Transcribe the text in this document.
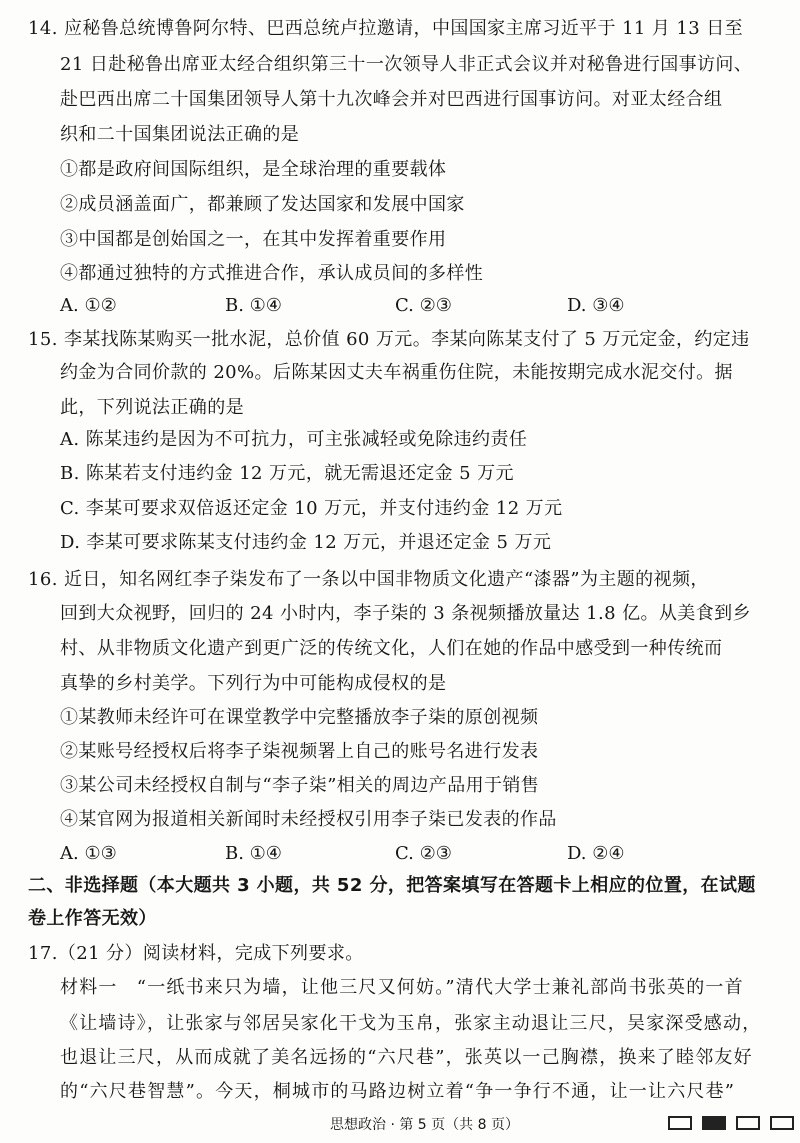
14. 应秘鲁总统博鲁阿尔特、巴西总统卢拉邀请，中国国家主席习近平于 11 月 13 日至
21 日赴秘鲁出席亚太经合组织第三十一次领导人非正式会议并对秘鲁进行国事访问、
赴巴西出席二十国集团领导人第十九次峰会并对巴西进行国事访问。对亚太经合组
织和二十国集团说法正确的是
①都是政府间国际组织，是全球治理的重要载体
②成员涵盖面广，都兼顾了发达国家和发展中国家
③中国都是创始国之一，在其中发挥着重要作用
④都通过独特的方式推进合作，承认成员间的多样性
A. ①②	B. ①④	C. ②③	D. ③④
15. 李某找陈某购买一批水泥，总价值 60 万元。李某向陈某支付了 5 万元定金，约定违
约金为合同价款的 20%。后陈某因丈夫车祸重伤住院，未能按期完成水泥交付。据
此，下列说法正确的是
A. 陈某违约是因为不可抗力，可主张减轻或免除违约责任
B. 陈某若支付违约金 12 万元，就无需退还定金 5 万元
C. 李某可要求双倍返还定金 10 万元，并支付违约金 12 万元
D. 李某可要求陈某支付违约金 12 万元，并退还定金 5 万元
16. 近日，知名网红李子柒发布了一条以中国非物质文化遗产“漆器”为主题的视频，
回到大众视野，回归的 24 小时内，李子柒的 3 条视频播放量达 1.8 亿。从美食到乡
村、从非物质文化遗产到更广泛的传统文化，人们在她的作品中感受到一种传统而
真挚的乡村美学。下列行为中可能构成侵权的是
①某教师未经许可在课堂教学中完整播放李子柒的原创视频
②某账号经授权后将李子柒视频署上自己的账号名进行发表
③某公司未经授权自制与“李子柒”相关的周边产品用于销售
④某官网为报道相关新闻时未经授权引用李子柒已发表的作品
A. ①③	B. ①④	C. ②③	D. ②④
二、非选择题（本大题共 3 小题，共 52 分，把答案填写在答题卡上相应的位置，在试题
卷上作答无效）
17.（21 分）阅读材料，完成下列要求。
材料一　“一纸书来只为墙，让他三尺又何妨。”清代大学士兼礼部尚书张英的一首
《让墙诗》，让张家与邻居吴家化干戈为玉帛，张家主动退让三尺，吴家深受感动，
也退让三尺，从而成就了美名远扬的“六尺巷”，张英以一己胸襟，换来了睦邻友好
的“六尺巷智慧”。今天，桐城市的马路边树立着“争一争行不通，让一让六尺巷”
思想政治 · 第 5 页（共 8 页）
